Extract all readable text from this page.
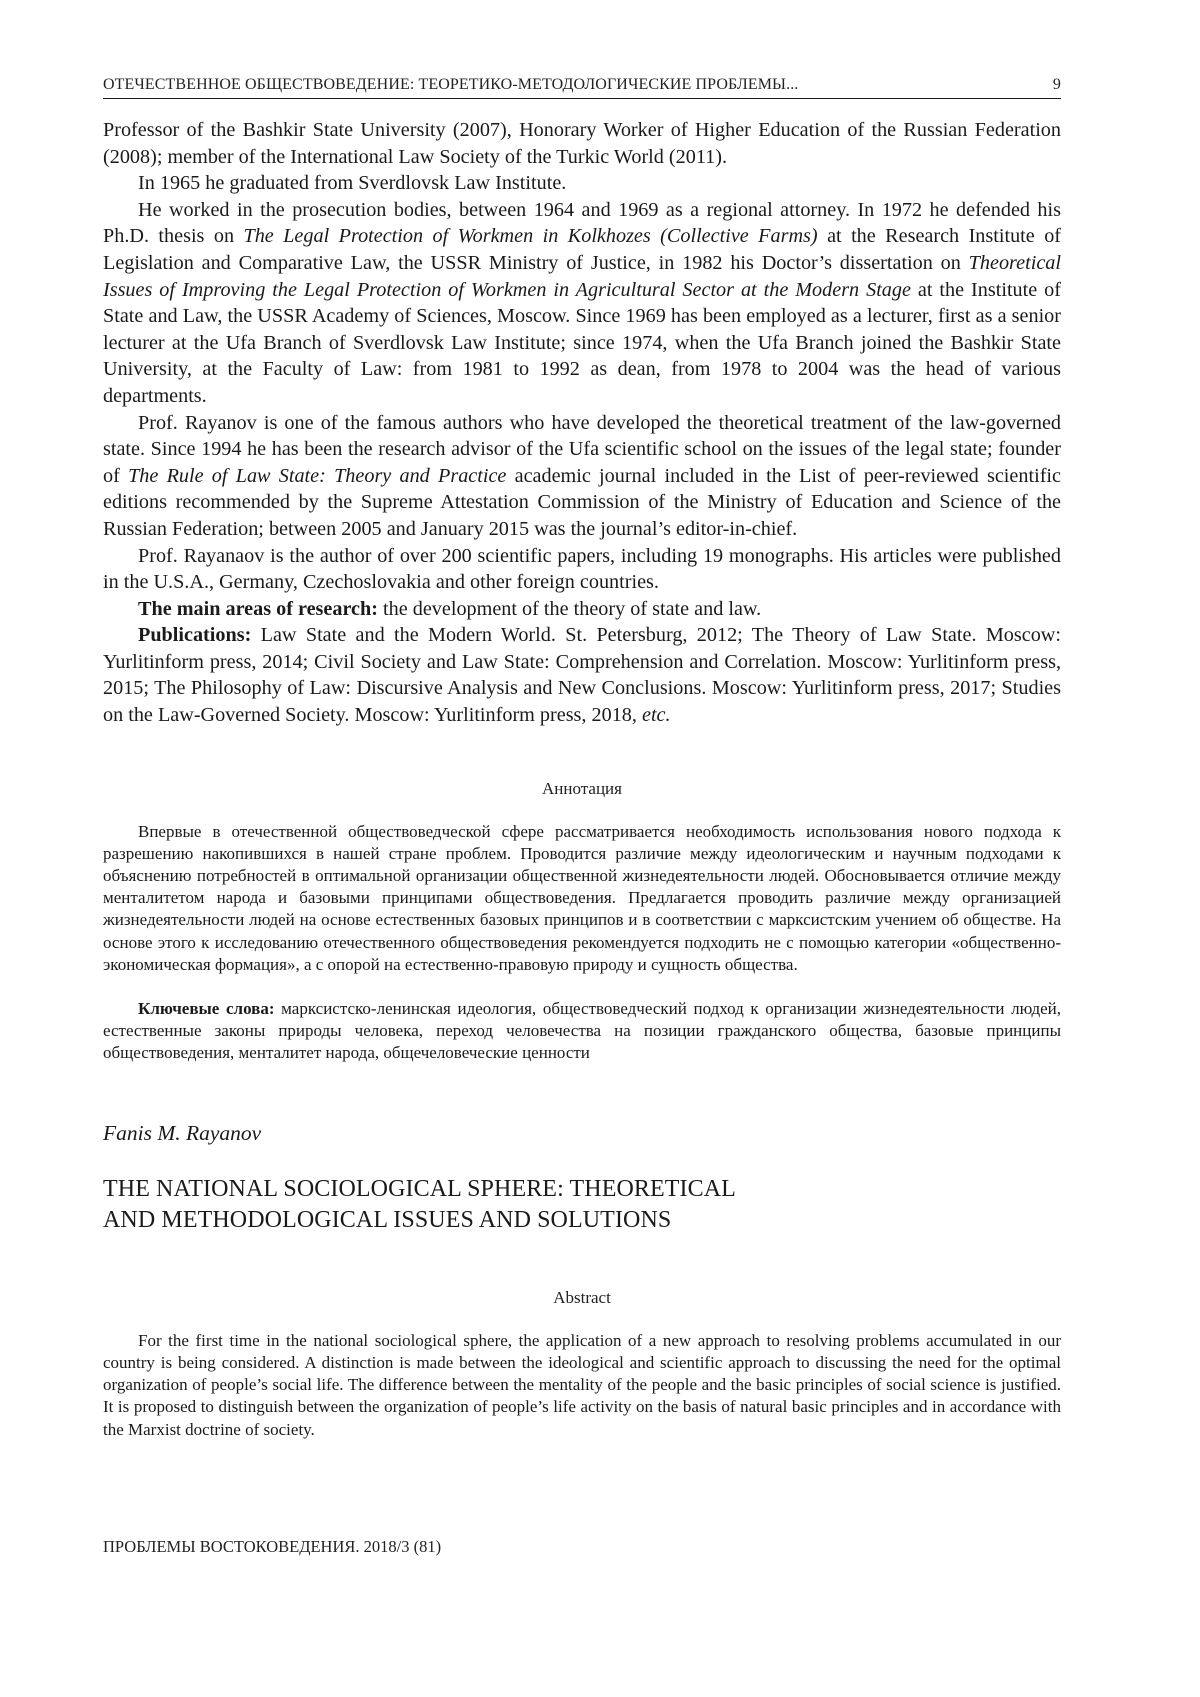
ОТЕЧЕСТВЕННОЕ ОБЩЕСТВОВЕДЕНИЕ: ТЕОРЕТИКО-МЕТОДОЛОГИЧЕСКИЕ ПРОБЛЕМЫ...	9

Professor of the Bashkir State University (2007), Honorary Worker of Higher Education of the Russian Federation (2008); member of the International Law Society of the Turkic World (2011).

In 1965 he graduated from Sverdlovsk Law Institute.

He worked in the prosecution bodies, between 1964 and 1969 as a regional attorney. In 1972 he defended his Ph.D. thesis on The Legal Protection of Workmen in Kolkhozes (Collective Farms) at the Research Institute of Legislation and Comparative Law, the USSR Ministry of Justice, in 1982 his Doctor’s dissertation on Theoretical Issues of Improving the Legal Protection of Workmen in Agricultural Sector at the Modern Stage at the Institute of State and Law, the USSR Academy of Sciences, Moscow. Since 1969 has been employed as a lecturer, first as a senior lecturer at the Ufa Branch of Sverdlovsk Law Institute; since 1974, when the Ufa Branch joined the Bashkir State University, at the Faculty of Law: from 1981 to 1992 as dean, from 1978 to 2004 was the head of various departments.

Prof. Rayanov is one of the famous authors who have developed the theoretical treatment of the law-governed state. Since 1994 he has been the research advisor of the Ufa scientific school on the issues of the legal state; founder of The Rule of Law State: Theory and Practice academic journal included in the List of peer-reviewed scientific editions recommended by the Supreme Attestation Commission of the Ministry of Education and Science of the Russian Federation; between 2005 and January 2015 was the journal’s editor-in-chief.

Prof. Rayanaov is the author of over 200 scientific papers, including 19 monographs. His articles were published in the U.S.A., Germany, Czechoslovakia and other foreign countries.

The main areas of research: the development of the theory of state and law.

Publications: Law State and the Modern World. St. Petersburg, 2012; The Theory of Law State. Moscow: Yurlitinform press, 2014; Civil Society and Law State: Comprehension and Correlation. Moscow: Yurlitinform press, 2015; The Philosophy of Law: Discursive Analysis and New Conclusions. Moscow: Yurlitinform press, 2017; Studies on the Law-Governed Society. Moscow: Yurlitinform press, 2018, etc.

Аннотация

Впервые в отечественной обществоведческой сфере рассматривается необходимость использования нового подхода к разрешению накопившихся в нашей стране проблем. Проводится различие между идеологическим и научным подходами к объяснению потребностей в оптимальной организации общественной жизнедеятельности людей. Обосновывается отличие между менталитетом народа и базовыми принципами обществоведения. Предлагается проводить различие между организацией жизнедеятельности людей на основе естественных базовых принципов и в соответствии с марксистским учением об обществе. На основе этого к исследованию отечественного обществоведения рекомендуется подходить не с помощью категории «общественно-экономическая формация», а с опорой на естественно-правовую природу и сущность общества.

Ключевые слова: марксистско-ленинская идеология, обществоведческий подход к организации жизнедеятельности людей, естественные законы природы человека, переход человечества на позиции гражданского общества, базовые принципы обществоведения, менталитет народа, общечеловеческие ценности

Fanis M. Rayanov
THE NATIONAL SOCIOLOGICAL SPHERE: THEORETICAL
AND METHODOLOGICAL ISSUES AND SOLUTIONS
Abstract

For the first time in the national sociological sphere, the application of a new approach to resolving problems accumulated in our country is being considered. A distinction is made between the ideological and scientific approach to discussing the need for the optimal organization of people’s social life. The difference between the mentality of the people and the basic principles of social science is justified. It is proposed to distinguish between the organization of people’s life activity on the basis of natural basic principles and in accordance with the Marxist doctrine of society.

ПРОБЛЕМЫ ВОСТОКОВЕДЕНИЯ. 2018/3 (81)
